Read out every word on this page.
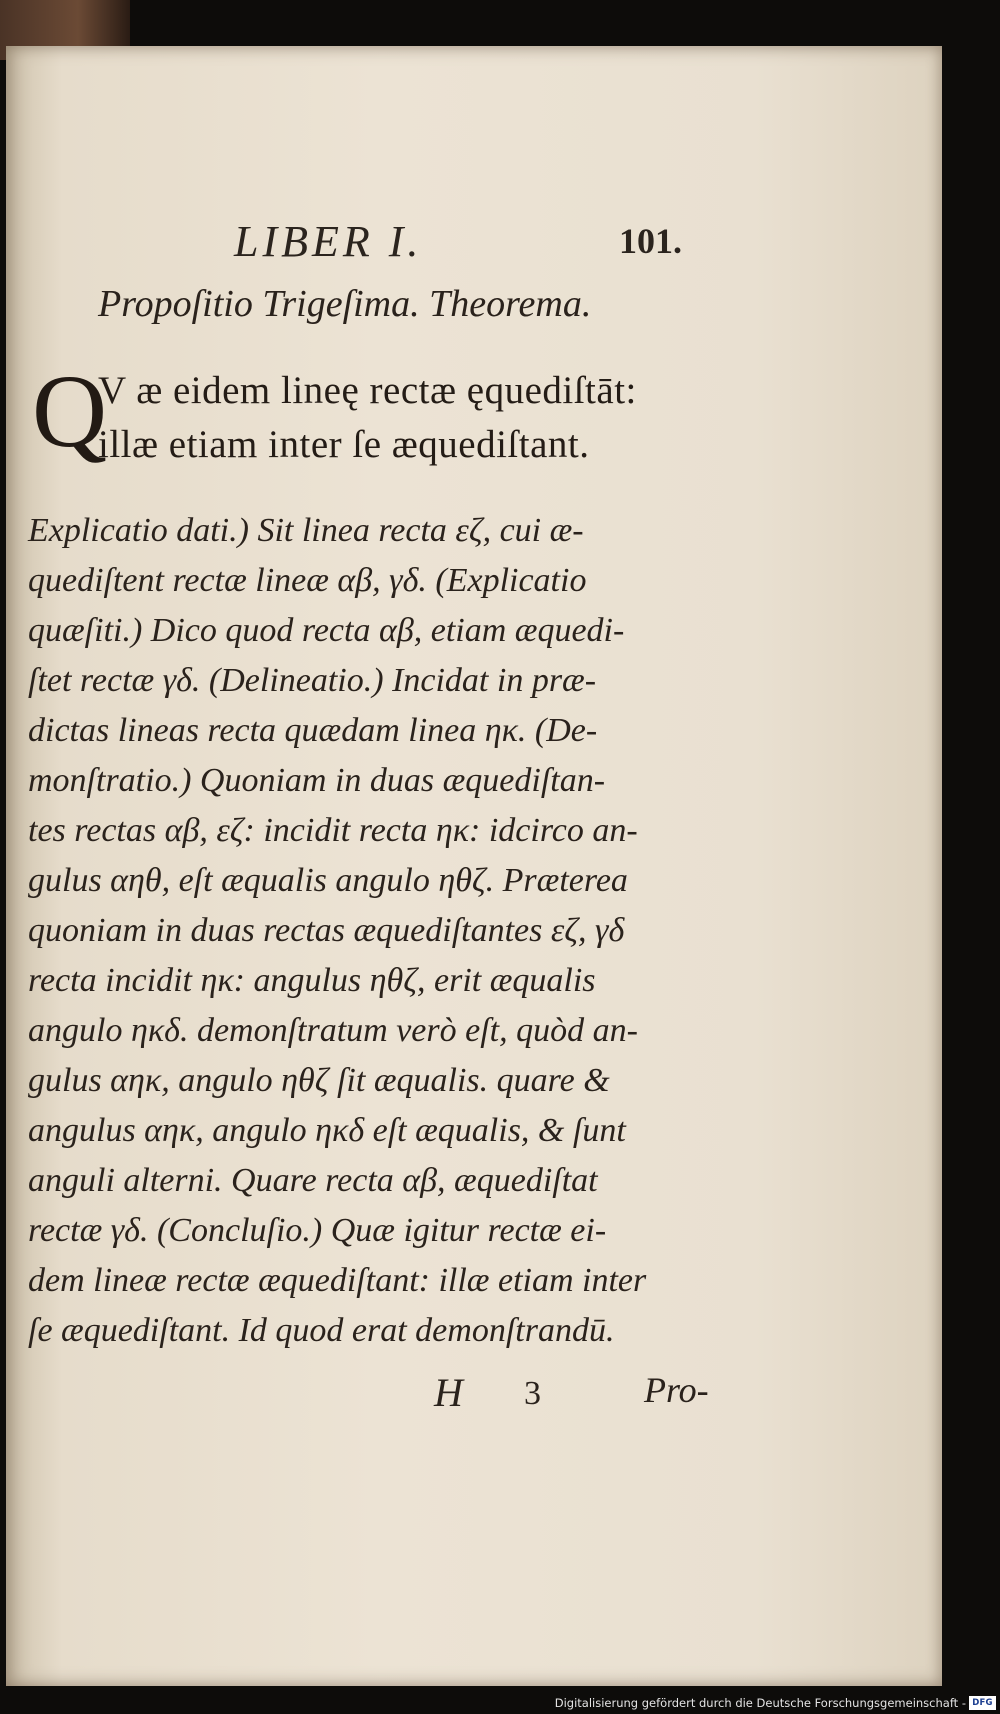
LIBER I.	101.
Propoſitio Trigeſima. Theorema.
Q
V æ eidem lineę rectæ ęquediſtāt:
illæ etiam inter ſe æquediſtant.
Explicatio dati.) Sit linea recta εζ, cui æ-
quediſtent rectæ lineæ αβ, γδ. (Explicatio
quæſiti.) Dico quod recta αβ, etiam æquedi-
ſtet rectæ γδ. (Delineatio.) Incidat in præ-
dictas lineas recta quædam linea ηκ. (De-
monſtratio.) Quoniam in duas æquediſtan-
tes rectas αβ, εζ: incidit recta ηκ: idcirco an-
gulus αηθ, eſt æqualis angulo ηθζ. Præterea
quoniam in duas rectas æquediſtantes εζ, γδ
recta incidit ηκ: angulus ηθζ, erit æqualis
angulo ηκδ. demonſtratum verò eſt, quòd an-
gulus αηκ, angulo ηθζ ſit æqualis. quare &
angulus αηκ, angulo ηκδ eſt æqualis, & ſunt
anguli alterni. Quare recta αβ, æquediſtat
rectæ γδ. (Concluſio.) Quæ igitur rectæ ei-
dem lineæ rectæ æquediſtant: illæ etiam inter
ſe æquediſtant. Id quod erat demonſtrandū.
H 3	Pro-
Digitalisierung gefördert durch die Deutsche Forschungsgemeinschaft - DFG
